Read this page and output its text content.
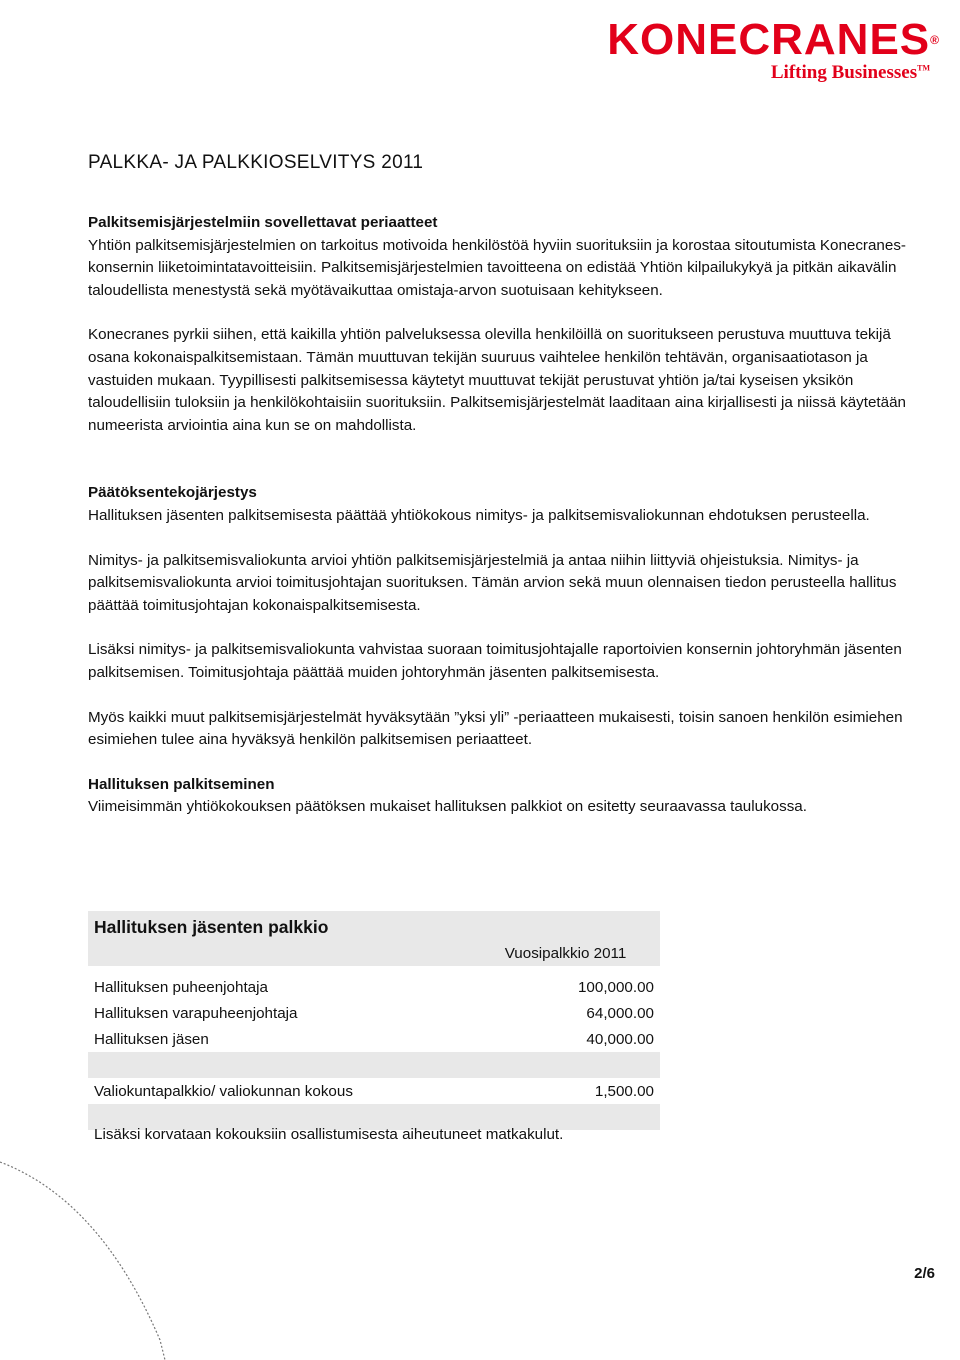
KONECRANES®
Lifting Businesses™
PALKKA- JA PALKKIOSELVITYS 2011

Palkitsemisjärjestelmiin sovellettavat periaatteet

Yhtiön palkitsemisjärjestelmien on tarkoitus motivoida henkilöstöä hyviin suorituksiin ja korostaa sitoutumista Konecranes-konsernin liiketoimintatavoitteisiin. Palkitsemisjärjestelmien tavoitteena on edistää Yhtiön kilpailukykyä ja pitkän aikavälin taloudellista menestystä sekä myötävaikuttaa omistaja-arvon suotuisaan kehitykseen.

Konecranes pyrkii siihen, että kaikilla yhtiön palveluksessa olevilla henkilöillä on suoritukseen perustuva muuttuva tekijä osana kokonaispalkitsemistaan. Tämän muuttuvan tekijän suuruus vaihtelee henkilön tehtävän, organisaatiotason ja vastuiden mukaan. Tyypillisesti palkitsemisessa käytetyt muuttuvat tekijät perustuvat yhtiön ja/tai kyseisen yksikön taloudellisiin tuloksiin ja henkilökohtaisiin suorituksiin. Palkitsemisjärjestelmät laaditaan aina kirjallisesti ja niissä käytetään numeerista arviointia aina kun se on mahdollista.

Päätöksentekojärjestys

Hallituksen jäsenten palkitsemisesta päättää yhtiökokous nimitys- ja palkitsemisvaliokunnan ehdotuksen perusteella.

Nimitys- ja palkitsemisvaliokunta arvioi yhtiön palkitsemisjärjestelmiä ja antaa niihin liittyviä ohjeistuksia. Nimitys- ja palkitsemisvaliokunta arvioi toimitusjohtajan suorituksen. Tämän arvion sekä muun olennaisen tiedon perusteella hallitus päättää toimitusjohtajan kokonaispalkitsemisesta.

Lisäksi nimitys- ja palkitsemisvaliokunta vahvistaa suoraan toimitusjohtajalle raportoivien konsernin johtoryhmän jäsenten palkitsemisen. Toimitusjohtaja päättää muiden johtoryhmän jäsenten palkitsemisesta.

Myös kaikki muut palkitsemisjärjestelmät hyväksytään ”yksi yli” -periaatteen mukaisesti, toisin sanoen henkilön esimiehen esimiehen tulee aina hyväksyä henkilön palkitsemisen periaatteet.

Hallituksen palkitseminen

Viimeisimmän yhtiökokouksen päätöksen mukaiset hallituksen palkkiot on esitetty seuraavassa taulukossa.

Hallituksen jäsenten palkkio	
	Vuosipalkkio 2011

Hallituksen puheenjohtaja	100,000.00
Hallituksen varapuheenjohtaja	64,000.00
Hallituksen jäsen	40,000.00

Valiokuntapalkkio/ valiokunnan kokous	1,500.00

Lisäksi korvataan kokouksiin osallistumisesta aiheutuneet matkakulut.
2/6
